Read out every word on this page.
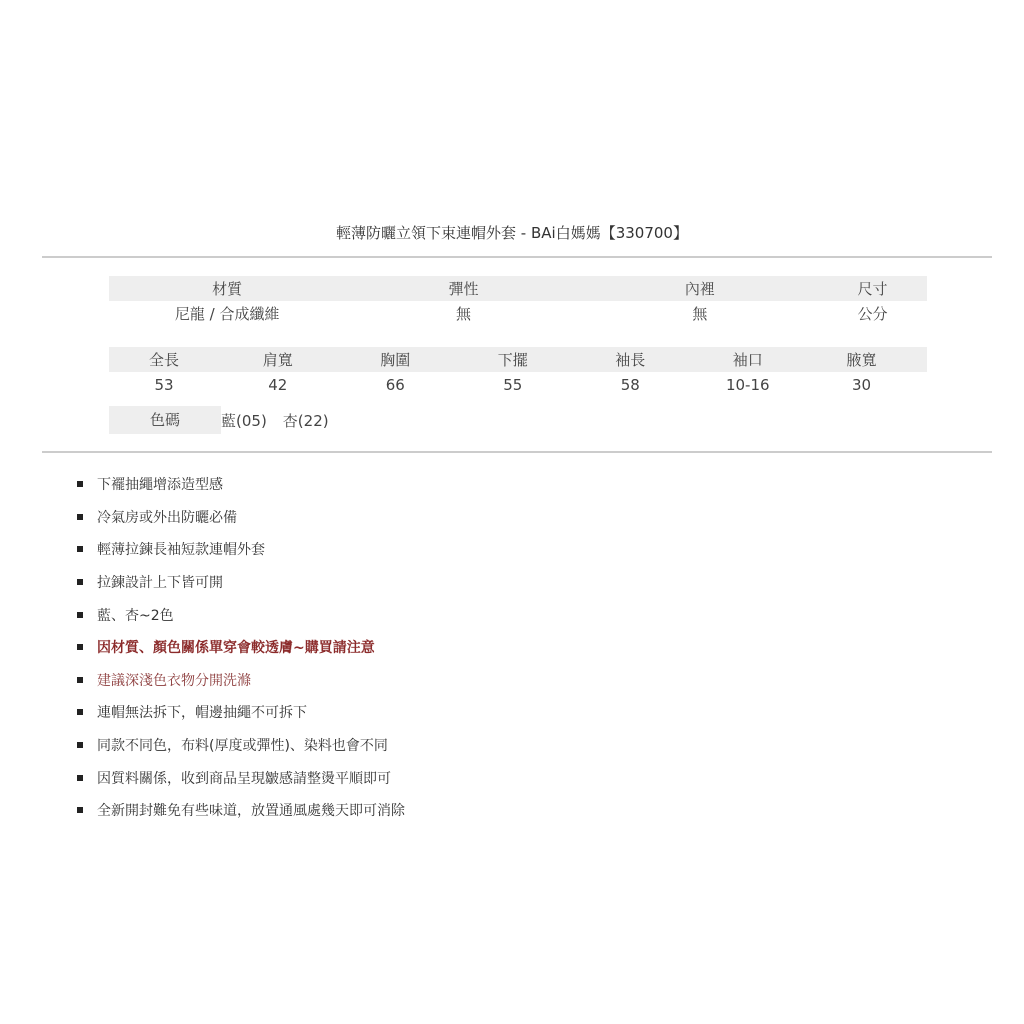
輕薄防曬立領下束連帽外套 - BAi白媽媽【330700】
材質	彈性	內裡	尺寸
尼龍 / 合成纖維	無	無	公分
全長	肩寬	胸圍	下擺	袖長	袖口	腋寬
53	42	66	55	58	10-16	30
色碼	藍(05) 杏(22)
下襬抽繩增添造型感
冷氣房或外出防曬必備
輕薄拉鍊長袖短款連帽外套
拉鍊設計上下皆可開
藍、杏~2色
因材質、顏色關係單穿會較透膚~購買請注意
建議深淺色衣物分開洗滌
連帽無法拆下，帽邊抽繩不可拆下
同款不同色，布料(厚度或彈性)、染料也會不同
因質料關係，收到商品呈現皺感請整燙平順即可
全新開封難免有些味道，放置通風處幾天即可消除
